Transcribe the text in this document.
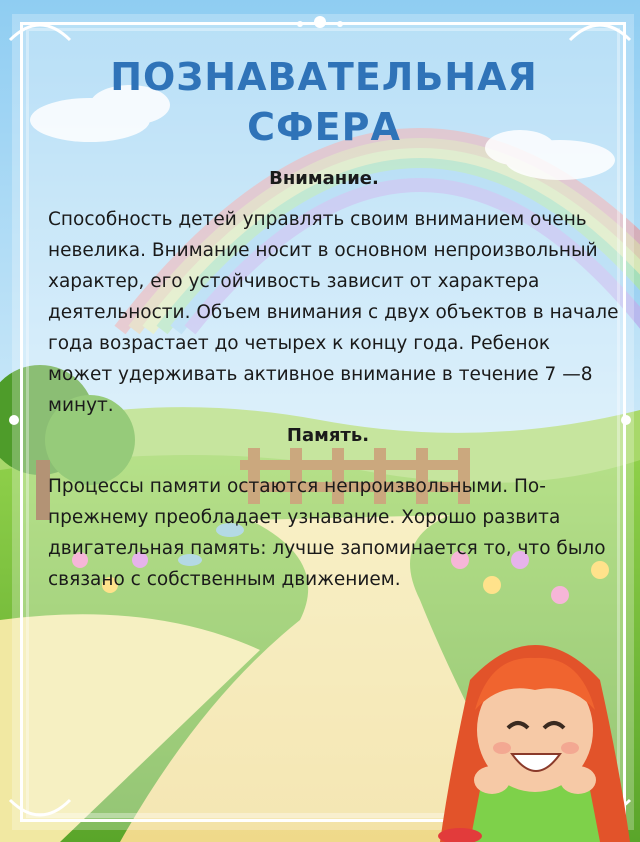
ПОЗНАВАТЕЛЬНАЯ
СФЕРА
Внимание.
Способность детей управлять своим вниманием очень невелика. Внимание носит в основном непроизвольный характер, его устойчивость зависит от характера деятельности. Объем внимания с двух объектов в начале года возрастает до четырех к концу года. Ребенок может удерживать активное внимание в течение 7 —8 минут.
Память.
Процессы памяти остаются непроизвольными. По-прежнему преобладает узнавание. Хорошо развита двигательная память: лучше запоминается то, что было связано с собственным движением.
